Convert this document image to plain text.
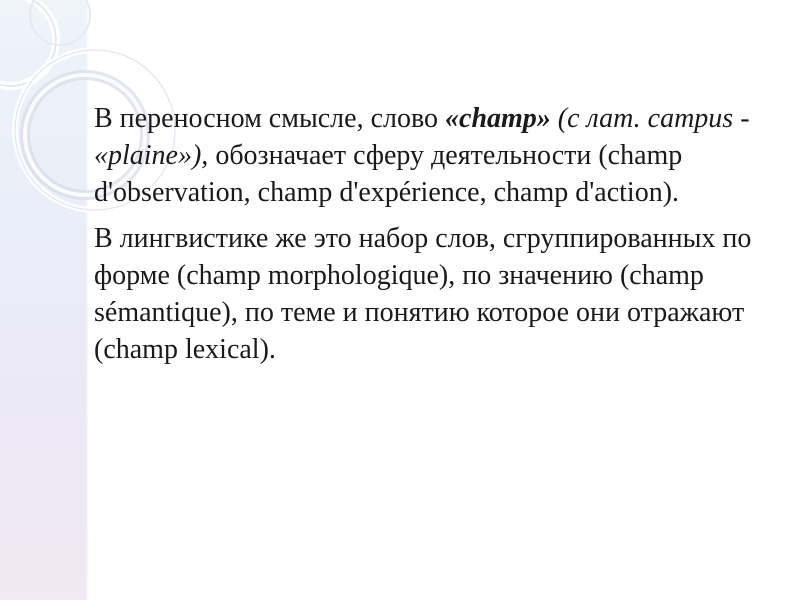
В переносном смысле, слово «champ» (с лат. campus - «plaine»), обозначает сферу деятельности (champ d'observation, champ d'expérience, champ d'action).

В лингвистике же это набор слов, сгруппированных по форме (champ morphologique), по значению (champ sémantique), по теме и понятию которое они отражают (champ lexical).
